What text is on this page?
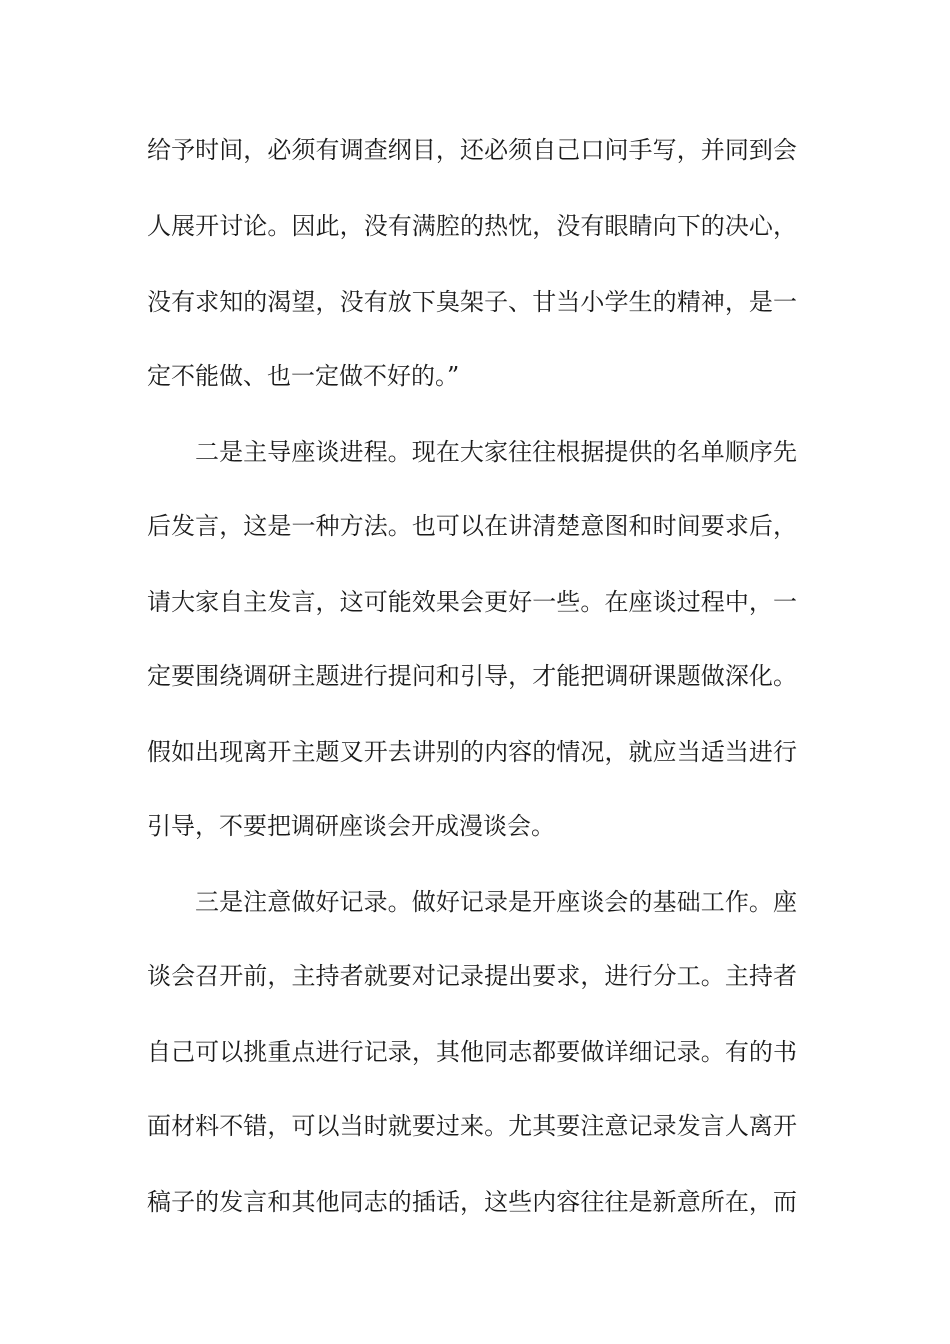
给予时间，必须有调查纲目，还必须自己口问手写，并同到会
人展开讨论。因此，没有满腔的热忱，没有眼睛向下的决心，
没有求知的渴望，没有放下臭架子、甘当小学生的精神，是一
定不能做、也一定做不好的。”
二是主导座谈进程。现在大家往往根据提供的名单顺序先
后发言，这是一种方法。也可以在讲清楚意图和时间要求后，
请大家自主发言，这可能效果会更好一些。在座谈过程中，一
定要围绕调研主题进行提问和引导，才能把调研课题做深化。
假如出现离开主题叉开去讲别的内容的情况，就应当适当进行
引导，不要把调研座谈会开成漫谈会。
三是注意做好记录。做好记录是开座谈会的基础工作。座
谈会召开前，主持者就要对记录提出要求，进行分工。主持者
自己可以挑重点进行记录，其他同志都要做详细记录。有的书
面材料不错，可以当时就要过来。尤其要注意记录发言人离开
稿子的发言和其他同志的插话，这些内容往往是新意所在，而
